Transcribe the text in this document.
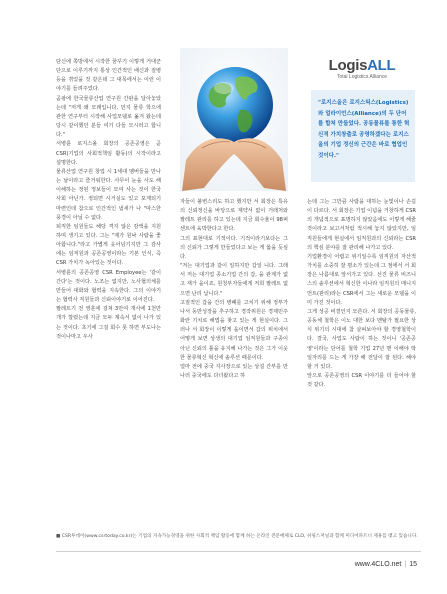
단신에 쪽방에서 시작한 꿈꾸기 이렇게 거대군단으로 이루기까지 통상 인간적인 배신과 질병 등을 겪었을 것 같은데 그 대목에서는 이런 이야기를 들려주었다.

곰팡에 한국물류산업 연구원 간판을 달아놓았는데 "저게 왜 모래입니다, 민지 물류 학으에 관한 연구부터 시작해 사업모델로 옮겨 왔는데 당시 같이했던 분들 여기 다들 모시러고 합니다."

서병륜 로지스올 회장의 공존공영은 곧 CSR(기업의 사회적책임 활동)의 시작이라고 설명한다.

물류산업 연구원 창업 시 1세대 멤버들을 만나는 날이라고 즐거워한다. 사무이 눈을 사도 해 이해하는 정된 정보들이 모여 사는 것이 한국 사회 아닌가. 정되면 시거실도 있고 포계되기 마련인데 참으로 인간적인 냄새가 나 "따스한 풍경이 아닐 수 없다.

퇴직한 임원들도 해당 격지 않은 감액을 지원하며 생기고 있다. 그는 "제가 원낙 사람을 좋아합니다."라고 가볍게 웃어넘기지만 그 감사에는 임직원과 공존공영이라는 기본 인식, 즉 CSR 가치가 녹아있는 것이다.

서병륜의 공존공영 CSR Employee는 '같이 간다'는 것이다. 노조는 없지만, 노사협의체를 만들어 대화와 협력을 지속한다. 그의 이야기는 협력사 직원들과 신뢰이야기로 이어진다.

팔레트기 전 영훈에 걸쳐 3만여 개사에 1천만 개가 깔렸는데 지금 모두 계속서 없이 나가 있는 것이다. 초기에 그걸 회수 못 하면 부도나는 것이나마고 우사

LogisALL
Total Logistics Alliance

"로지스올은 로지스틱스(Logistics)와 얼라이언스(Alliance)의 두 단어를 합쳐 만들었다. 공동물류를 통한 혁신적 가치창출로 공영하겠다는 로지스올의 기업 정신의 근간은 바로 협업인 것이다."

자들이 불변스리도 하고 했지만 서 회장은 특유의 신뢰정신을 바탕으로 계약서 없이 거래처와 팔레트 관리를 하고 있는데 지금 회수율이 98퍼센트에 육박한다고 한다.

그의 표현대로 기적이다. 기적이라기보다는 그의 신뢰가 그렇게 만들었다고 보는 게 옳을 듯싶다.

"저는 대기업과 같이 일하지만 갑일 니다. 그래서 저는 대기업 종소기업 간의 갑, 을 관계가 없고 재가 을이죠, 원청부자들에게 저희 팔레트 없으면 난리 납니다."

고질적인 갑을 간의 병폐를 고치기 위해 정부가 나서 동반성장을 추구하고 경작위원은 경제민주화란 기치로 해법을 찾고 있는 게 현실이다. 그러나 서 회장이 이렇게 을이면서 갑의 위치에서 어떻게 보면 상생의 대기업 임직원들과 구종이 아닌 신뢰의 틀을 유지해 나가는 것은 그가 이웃한 물류혁신 혁신에 솔루션 때문이다.

얼마 전에 중국 지사장으로 있는 상설 간부를 만나러 중국에도 다녀왔다고 하

는데 그는 그만큼 사람을 대하는 눈빛이나 손길이 다르다. 서 회장은 기업 이념을 거창하게 CSR의 개념적으로 표명하지 않았음에도 이렇게 해줄 것이라고 보고서처럼 적시해 놓지 않았지만, 임직원들에게 현실에서 임직원과의 신뢰라는 CSR의 핵심 분야를 잘 관리해 나가고 있다.

기업환경이 어렵고 위기일수록 임직원의 자산적 가치를 소중히 잘 평소가 있는데 그 점에서 서 회장은 나름대로 앞서가고 있다. 선진 물류 비즈니스의 솔루션에서 혁신한 이나라 임직원의 매니지먼트(관리)라는 CSR에서 그는 새로운 모델을 이미 가진 것이다.

그게 성공 비결인지 모른다. 서 회장의 공동물류, 공동체 철학은 이노 대한 보다 멘탈가 필요한 상식 위기의 시대에 참 살펴보아야 할 경영철학이다. 결국, 사업도 사람이 하는 것이니 '공존공영'이라는 단어를 철학 기업 27년 맨 이해야 딱 일자리를 드는 게 가장 해 전달이 잘 된다. 해야 할 거 있다.

앞으로 공존공영의 CSR 이야기를 더 들어야 할 것 같다.

■ CSR투데이(www.csrtoday.co.kr)는 기업의 지속가능경영을 위한 사회적 책임 활동에 함께 하는 온라인 전문매체로 CLO, 쉬핑스저널과 함께 미디어파트너 제휴를 맺고 있습니다.
www.4CLO.net | 15
